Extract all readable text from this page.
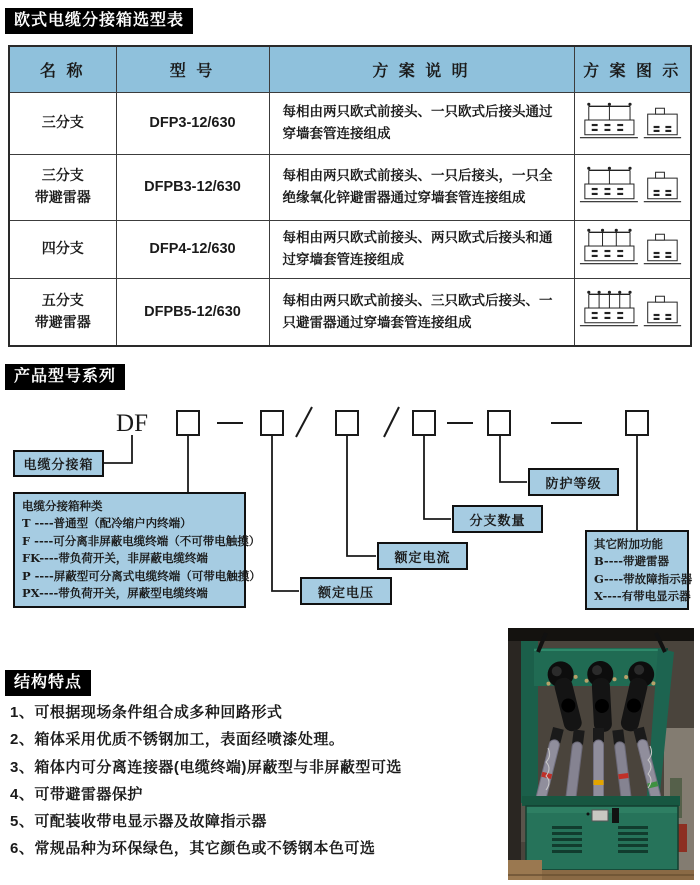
欧式电缆分接箱选型表
名 称	型 号	方 案 说 明	方 案 图 示

三分支	DFP3-12/630	每相由两只欧式前接头、一只欧式后接头通过穿墙套管连接组成	

三分支
带避雷器	DFPB3-12/630	每相由两只欧式前接头、一只后接头，一只全绝缘氧化锌避雷器通过穿墙套管连接组成	

四分支	DFP4-12/630	每相由两只欧式前接头、两只欧式后接头和通过穿墙套管连接组成	

五分支
带避雷器	DFPB5-12/630	每相由两只欧式前接头、三只欧式后接头、一只避雷器通过穿墙套管连接组成	
产品型号系列
DF
电缆分接箱
电缆分接箱种类
T ----普通型（配冷缩户内终端）
F ----可分离非屏蔽电缆终端（不可带电触摸）
FK----带负荷开关，非屏蔽电缆终端
P ----屏蔽型可分离式电缆终端（可带电触摸）
PX----带负荷开关，屏蔽型电缆终端	额定电压
额定电流
分支数量
防护等级
其它附加功能
B----带避雷器
G----带故障指示器
X----有带电显示器
结构特点
1、可根据现场条件组合成多种回路形式
2、箱体采用优质不锈钢加工，表面经喷漆处理。
3、箱体内可分离连接器(电缆终端)屏蔽型与非屏蔽型可选
4、可带避雷器保护
5、可配装收带电显示器及故障指示器
6、常规品种为环保绿色，其它颜色或不锈钢本色可选
